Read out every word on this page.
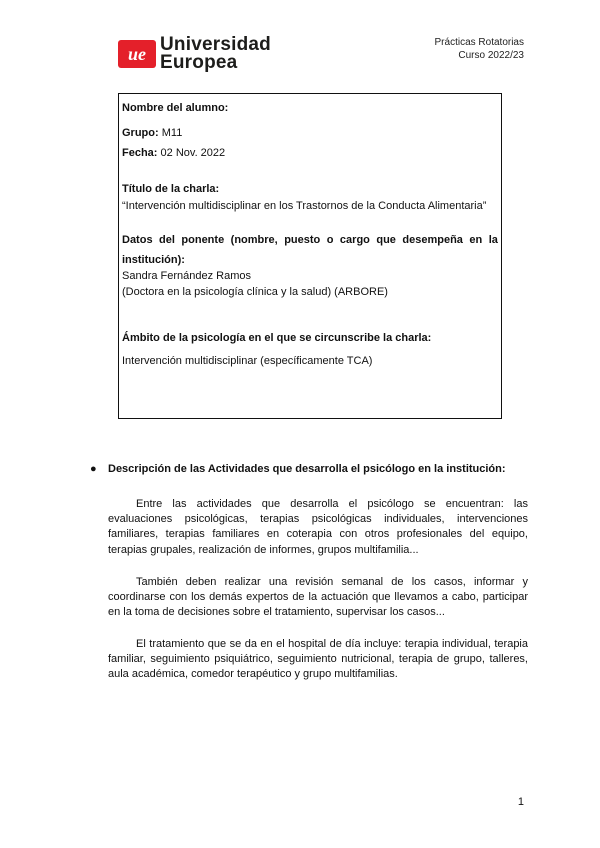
ue Universidad
Europea
Prácticas Rotatorias
Curso 2022/23
Nombre del alumno:
Grupo: M11
Fecha: 02 Nov. 2022
Título de la charla:
“Intervención multidisciplinar en los Trastornos de la Conducta Alimentaria”
Datos del ponente (nombre, puesto o cargo que desempeña en la
institución):
Sandra Fernández Ramos
(Doctora en la psicología clínica y la salud) (ARBORE)
Ámbito de la psicología en el que se circunscribe la charla:
Intervención multidisciplinar (específicamente TCA)
●	Descripción de las Actividades que desarrolla el psicólogo en la institución:

Entre las actividades que desarrolla el psicólogo se encuentran: las evaluaciones psicológicas, terapias psicológicas individuales, intervenciones familiares, terapias familiares en coterapia con otros profesionales del equipo, terapias grupales, realización de informes, grupos multifamilia...

También deben realizar una revisión semanal de los casos, informar y coordinarse con los demás expertos de la actuación que llevamos a cabo, participar en la toma de decisiones sobre el tratamiento, supervisar los casos...

El tratamiento que se da en el hospital de día incluye: terapia individual, terapia familiar, seguimiento psiquiátrico, seguimiento nutricional, terapia de grupo, talleres, aula académica, comedor terapéutico y grupo multifamilias.

1
